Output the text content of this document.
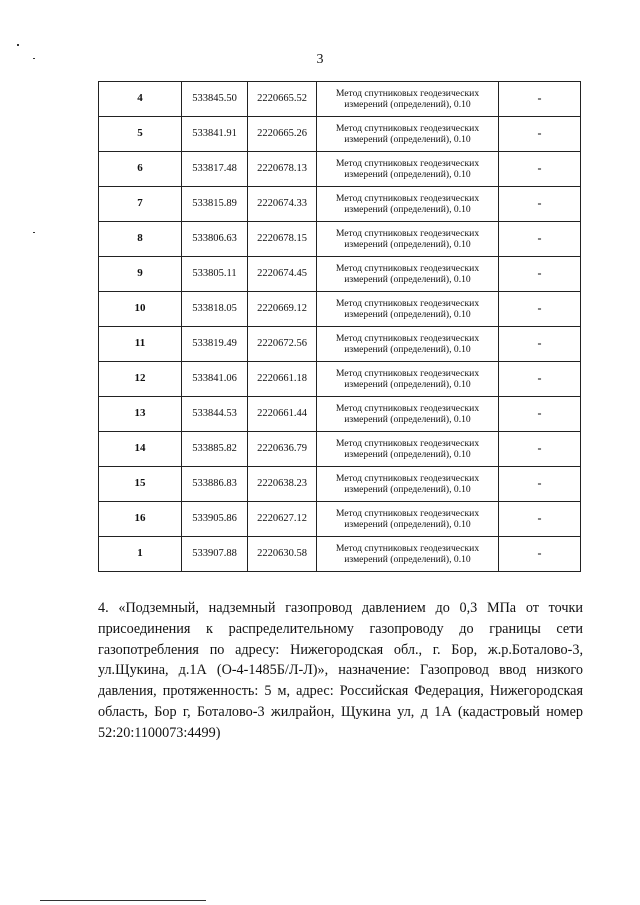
3
4	533845.50	2220665.52	Метод спутниковых геодезических измерений (определений), 0.10	-
5	533841.91	2220665.26	Метод спутниковых геодезических измерений (определений), 0.10	-
6	533817.48	2220678.13	Метод спутниковых геодезических измерений (определений), 0.10	-
7	533815.89	2220674.33	Метод спутниковых геодезических измерений (определений), 0.10	-
8	533806.63	2220678.15	Метод спутниковых геодезических измерений (определений), 0.10	-
9	533805.11	2220674.45	Метод спутниковых геодезических измерений (определений), 0.10	-
10	533818.05	2220669.12	Метод спутниковых геодезических измерений (определений), 0.10	-
11	533819.49	2220672.56	Метод спутниковых геодезических измерений (определений), 0.10	-
12	533841.06	2220661.18	Метод спутниковых геодезических измерений (определений), 0.10	-
13	533844.53	2220661.44	Метод спутниковых геодезических измерений (определений), 0.10	-
14	533885.82	2220636.79	Метод спутниковых геодезических измерений (определений), 0.10	-
15	533886.83	2220638.23	Метод спутниковых геодезических измерений (определений), 0.10	-
16	533905.86	2220627.12	Метод спутниковых геодезических измерений (определений), 0.10	-
1	533907.88	2220630.58	Метод спутниковых геодезических измерений (определений), 0.10	-
4. «Подземный, надземный газопровод давлением до 0,3 МПа от точки присоединения к распределительному газопроводу до границы сети газопотребления по адресу: Нижегородская обл., г. Бор, ж.р.Боталово-3, ул.Щукина, д.1А (О-4-1485Б/Л-Л)», назначение: Газопровод ввод низкого давления, протяженность: 5 м, адрес: Российская Федерация, Нижегородская область, Бор г, Боталово-3 жилрайон, Щукина ул, д 1А (кадастровый номер 52:20:1100073:4499)
